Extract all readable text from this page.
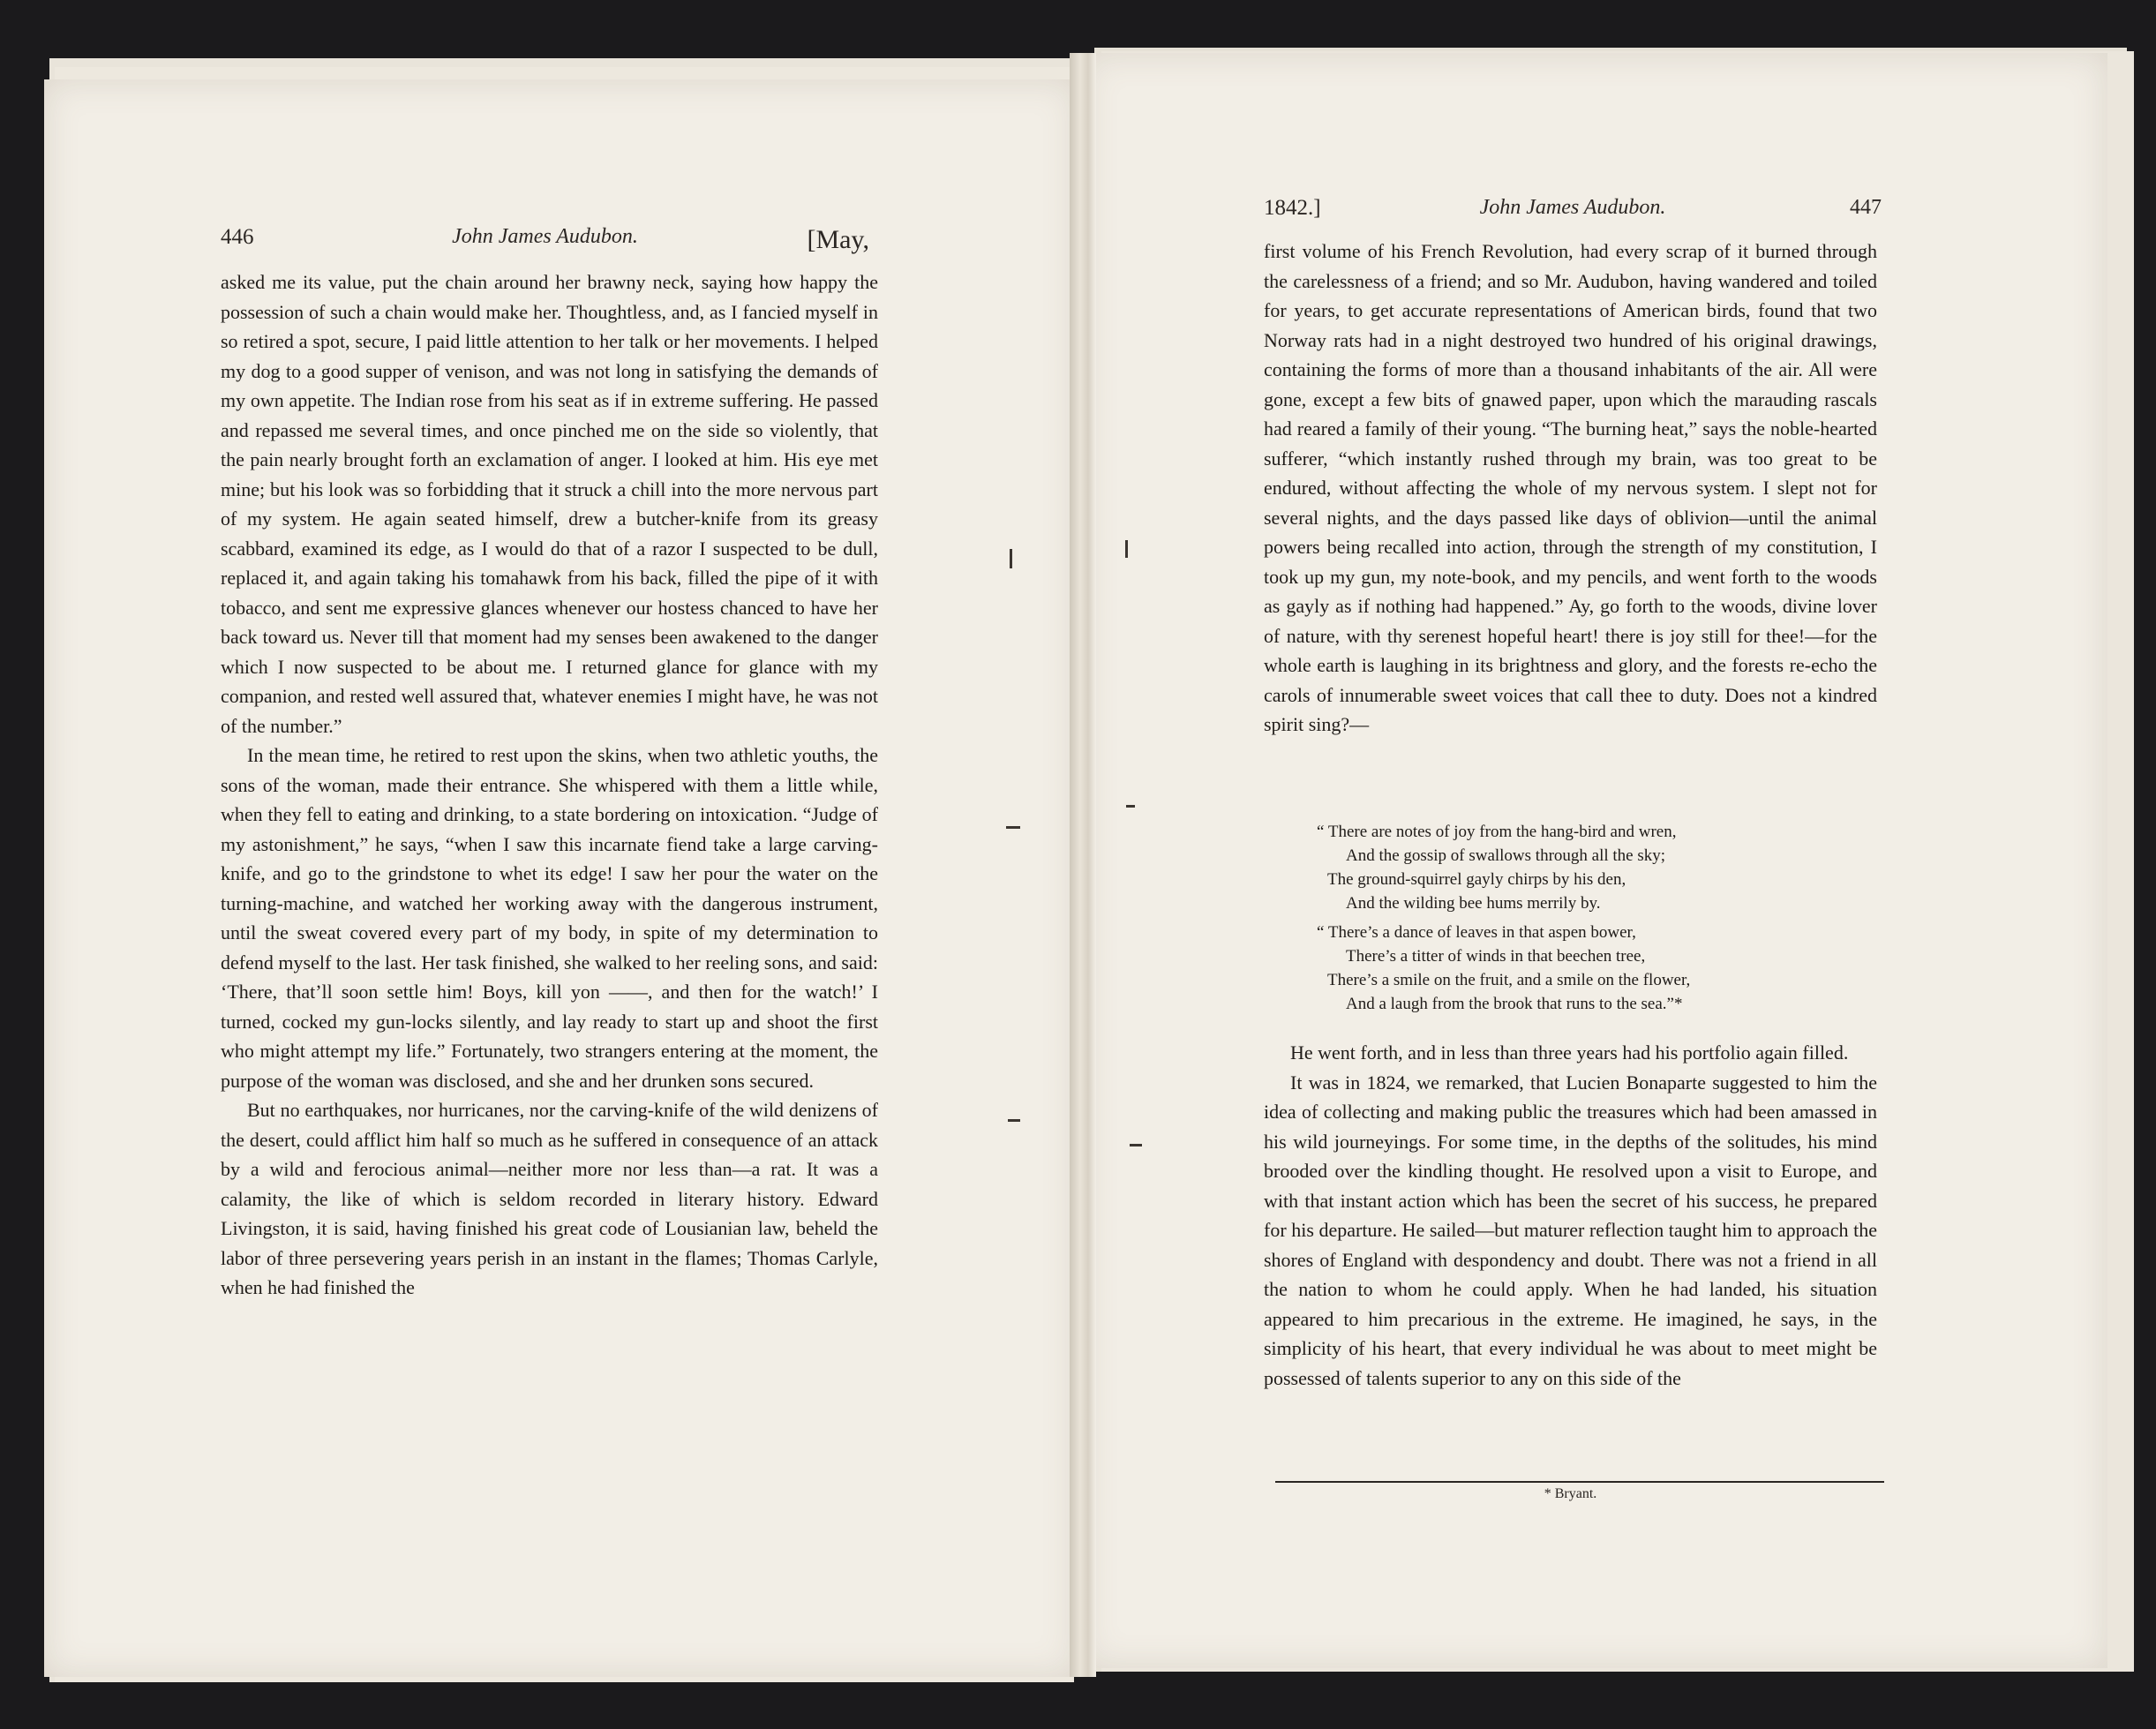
446	John James Audubon.	[May,

asked me its value, put the chain around her brawny neck, saying how happy the possession of such a chain would make her. Thoughtless, and, as I fancied myself in so retired a spot, secure, I paid little attention to her talk or her movements. I helped my dog to a good supper of venison, and was not long in satisfying the demands of my own appetite. The Indian rose from his seat as if in extreme suffering. He passed and repassed me several times, and once pinched me on the side so violently, that the pain nearly brought forth an exclamation of anger. I looked at him. His eye met mine; but his look was so forbidding that it struck a chill into the more nervous part of my system. He again seated himself, drew a butcher-knife from its greasy scabbard, examined its edge, as I would do that of a razor I suspected to be dull, replaced it, and again taking his tomahawk from his back, filled the pipe of it with tobacco, and sent me expressive glances whenever our hostess chanced to have her back toward us. Never till that moment had my senses been awakened to the danger which I now suspected to be about me. I returned glance for glance with my companion, and rested well assured that, whatever enemies I might have, he was not of the number.”

In the mean time, he retired to rest upon the skins, when two athletic youths, the sons of the woman, made their entrance. She whispered with them a little while, when they fell to eating and drinking, to a state bordering on intoxication. “Judge of my astonishment,” he says, “when I saw this incarnate fiend take a large carving-knife, and go to the grindstone to whet its edge! I saw her pour the water on the turning-machine, and watched her working away with the dangerous instrument, until the sweat covered every part of my body, in spite of my determination to defend myself to the last. Her task finished, she walked to her reeling sons, and said: ‘There, that’ll soon settle him! Boys, kill yon ——, and then for the watch!’ I turned, cocked my gun-locks silently, and lay ready to start up and shoot the first who might attempt my life.” Fortunately, two strangers entering at the moment, the purpose of the woman was disclosed, and she and her drunken sons secured.

But no earthquakes, nor hurricanes, nor the carving-knife of the wild denizens of the desert, could afflict him half so much as he suffered in consequence of an attack by a wild and ferocious animal—neither more nor less than—a rat. It was a calamity, the like of which is seldom recorded in literary history. Edward Livingston, it is said, having finished his great code of Lousianian law, beheld the labor of three persevering years perish in an instant in the flames; Thomas Carlyle, when he had finished the

1842.]	John James Audubon.	447

first volume of his French Revolution, had every scrap of it burned through the carelessness of a friend; and so Mr. Audubon, having wandered and toiled for years, to get accurate representations of American birds, found that two Norway rats had in a night destroyed two hundred of his original drawings, containing the forms of more than a thousand inhabitants of the air. All were gone, except a few bits of gnawed paper, upon which the marauding rascals had reared a family of their young. “The burning heat,” says the noble-hearted sufferer, “which instantly rushed through my brain, was too great to be endured, without affecting the whole of my nervous system. I slept not for several nights, and the days passed like days of oblivion—until the animal powers being recalled into action, through the strength of my constitution, I took up my gun, my note-book, and my pencils, and went forth to the woods as gayly as if nothing had happened.” Ay, go forth to the woods, divine lover of nature, with thy serenest hopeful heart! there is joy still for thee!—for the whole earth is laughing in its brightness and glory, and the forests re-echo the carols of innumerable sweet voices that call thee to duty. Does not a kindred spirit sing?—

“ There are notes of joy from the hang-bird and wren,
And the gossip of swallows through all the sky;
The ground-squirrel gayly chirps by his den,
And the wilding bee hums merrily by.
“ There’s a dance of leaves in that aspen bower,
There’s a titter of winds in that beechen tree,
There’s a smile on the fruit, and a smile on the flower,
And a laugh from the brook that runs to the sea.”*

He went forth, and in less than three years had his portfolio again filled.

It was in 1824, we remarked, that Lucien Bonaparte suggested to him the idea of collecting and making public the treasures which had been amassed in his wild journeyings. For some time, in the depths of the solitudes, his mind brooded over the kindling thought. He resolved upon a visit to Europe, and with that instant action which has been the secret of his success, he prepared for his departure. He sailed—but maturer reflection taught him to approach the shores of England with despondency and doubt. There was not a friend in all the nation to whom he could apply. When he had landed, his situation appeared to him precarious in the extreme. He imagined, he says, in the simplicity of his heart, that every individual he was about to meet might be possessed of talents superior to any on this side of the

* Bryant.
